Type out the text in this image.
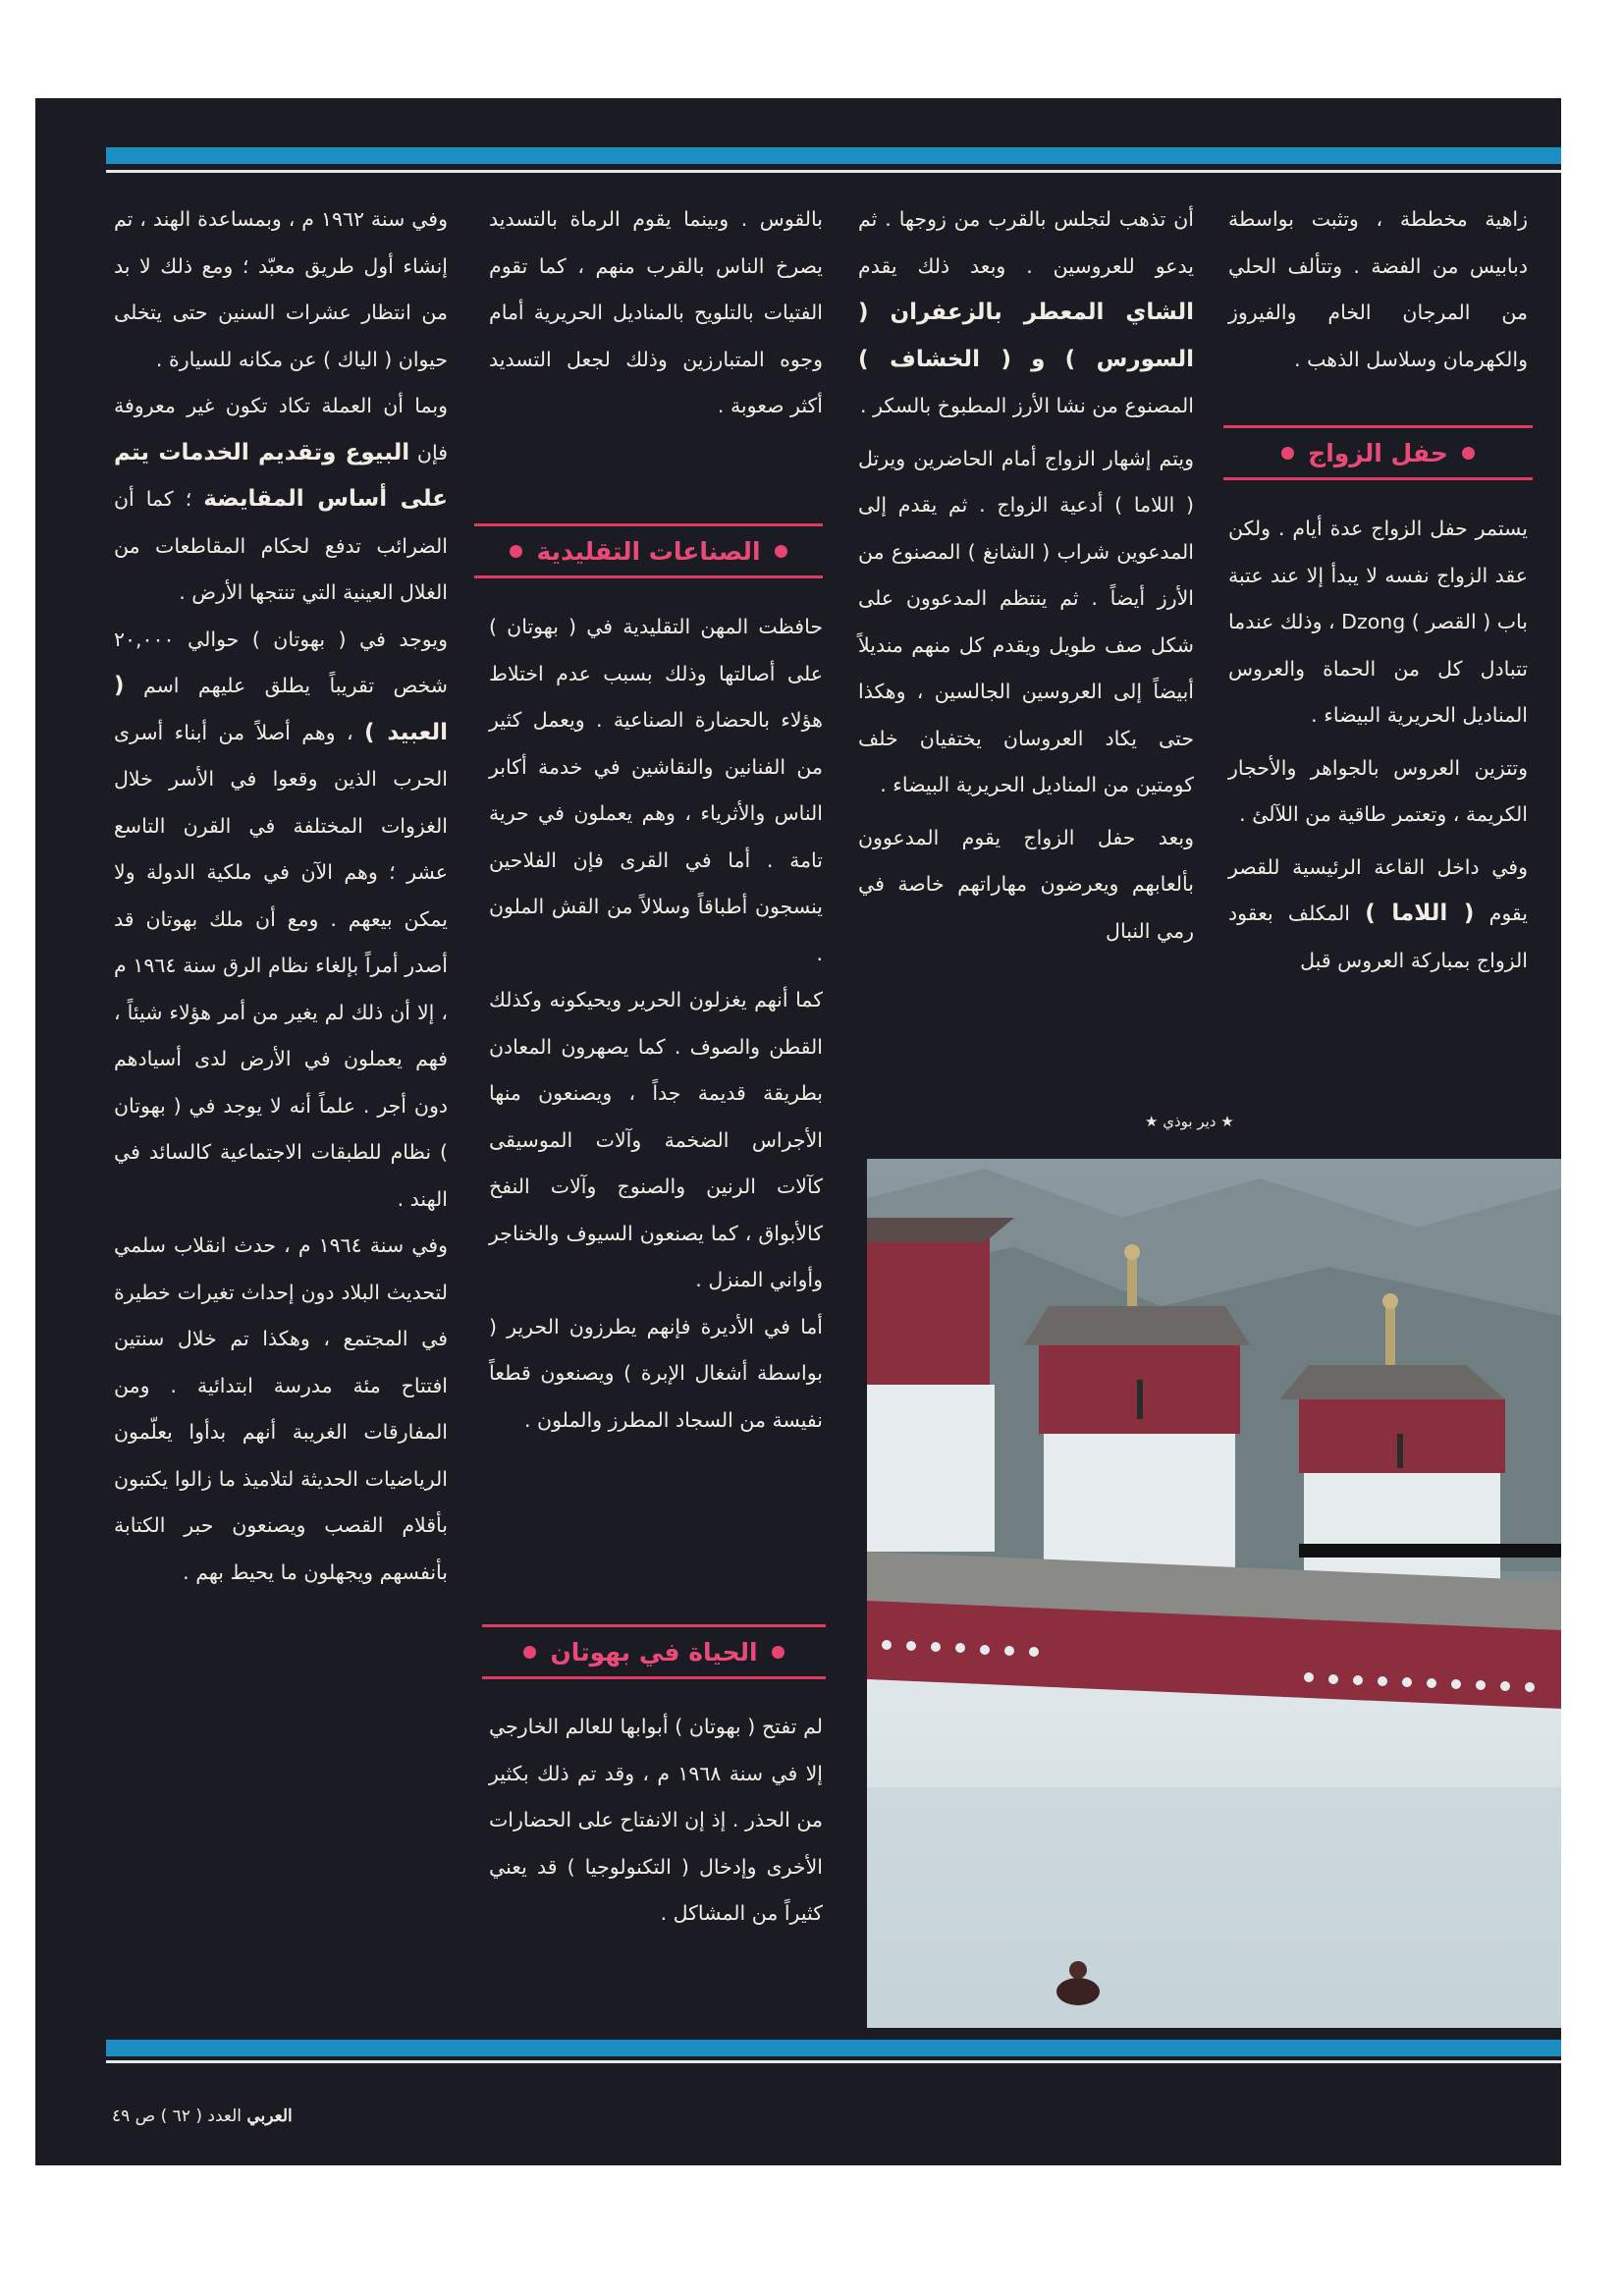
زاهية مخططة ، وتثبت بواسطة دبابيس من الفضة . وتتألف الحلي من المرجان الخام والفيروز والكهرمان وسلاسل الذهب .

حفل الزواج

يستمر حفل الزواج عدة أيام . ولكن عقد الزواج نفسه لا يبدأ إلا عند عتبة باب ( القصر ) Dzong ، وذلك عندما تتبادل كل من الحماة والعروس المناديل الحريرية البيضاء .

وتتزين العروس بالجواهر والأحجار الكريمة ، وتعتمر طاقية من اللآلئ .

وفي داخل القاعة الرئيسية للقصر يقوم ( اللاما ) المكلف بعقود الزواج بمباركة العروس قبل

أن تذهب لتجلس بالقرب من زوجها . ثم يدعو للعروسين . وبعد ذلك يقدم الشاي المعطر بالزعفران ( السورس ) و ( الخشاف ) المصنوع من نشا الأرز المطبوخ بالسكر .

ويتم إشهار الزواج أمام الحاضرين ويرتل ( اللاما ) أدعية الزواج . ثم يقدم إلى المدعوين شراب ( الشانغ ) المصنوع من الأرز أيضاً . ثم ينتظم المدعوون على شكل صف طويل ويقدم كل منهم منديلاً أبيضاً إلى العروسين الجالسين ، وهكذا حتى يكاد العروسان يختفيان خلف كومتين من المناديل الحريرية البيضاء .

وبعد حفل الزواج يقوم المدعوون بألعابهم ويعرضون مهاراتهم خاصة في رمي النبال

★ دير بوذي ★

بالقوس . وبينما يقوم الرماة بالتسديد يصرخ الناس بالقرب منهم ، كما تقوم الفتيات بالتلويح بالمناديل الحريرية أمام وجوه المتبارزين وذلك لجعل التسديد أكثر صعوبة .

الصناعات التقليدية

حافظت المهن التقليدية في ( بهوتان ) على أصالتها وذلك بسبب عدم اختلاط هؤلاء بالحضارة الصناعية . ويعمل كثير من الفنانين والنقاشين في خدمة أكابر الناس والأثرياء ، وهم يعملون في حرية تامة . أما في القرى فإن الفلاحين ينسجون أطباقاً وسلالاً من القش الملون .

كما أنهم يغزلون الحرير ويحيكونه وكذلك القطن والصوف . كما يصهرون المعادن بطريقة قديمة جداً ، ويصنعون منها الأجراس الضخمة وآلات الموسيقى كآلات الرنين والصنوج وآلات النفخ كالأبواق ، كما يصنعون السيوف والخناجر وأواني المنزل .

أما في الأديرة فإنهم يطرزون الحرير ( بواسطة أشغال الإبرة ) ويصنعون قطعاً نفيسة من السجاد المطرز والملون .

الحياة في بهوتان

لم تفتح ( بهوتان ) أبوابها للعالم الخارجي إلا في سنة ١٩٦٨ م ، وقد تم ذلك بكثير من الحذر . إذ إن الانفتاح على الحضارات الأخرى وإدخال ( التكنولوجيا ) قد يعني كثيراً من المشاكل .

وفي سنة ١٩٦٢ م ، وبمساعدة الهند ، تم إنشاء أول طريق معبّد ؛ ومع ذلك لا بد من انتظار عشرات السنين حتى يتخلى حيوان ( الياك ) عن مكانه للسيارة .

وبما أن العملة تكاد تكون غير معروفة فإن البيوع وتقديم الخدمات يتم على أساس المقايضة ؛ كما أن الضرائب تدفع لحكام المقاطعات من الغلال العينية التي تنتجها الأرض .

ويوجد في ( بهوتان ) حوالي ٢٠,٠٠٠ شخص تقريباً يطلق عليهم اسم ( العبيد ) ، وهم أصلاً من أبناء أسرى الحرب الذين وقعوا في الأسر خلال الغزوات المختلفة في القرن التاسع عشر ؛ وهم الآن في ملكية الدولة ولا يمكن بيعهم . ومع أن ملك بهوتان قد أصدر أمراً بإلغاء نظام الرق سنة ١٩٦٤ م ، إلا أن ذلك لم يغير من أمر هؤلاء شيئاً ، فهم يعملون في الأرض لدى أسيادهم دون أجر . علماً أنه لا يوجد في ( بهوتان ) نظام للطبقات الاجتماعية كالسائد في الهند .

وفي سنة ١٩٦٤ م ، حدث انقلاب سلمي لتحديث البلاد دون إحداث تغيرات خطيرة في المجتمع ، وهكذا تم خلال سنتين افتتاح مئة مدرسة ابتدائية . ومن المفارقات الغريبة أنهم بدأوا يعلّمون الرياضيات الحديثة لتلاميذ ما زالوا يكتبون بأقلام القصب ويصنعون حبر الكتابة بأنفسهم ويجهلون ما يحيط بهم .

العربي العدد ( ٦٢ ) ص ٤٩
